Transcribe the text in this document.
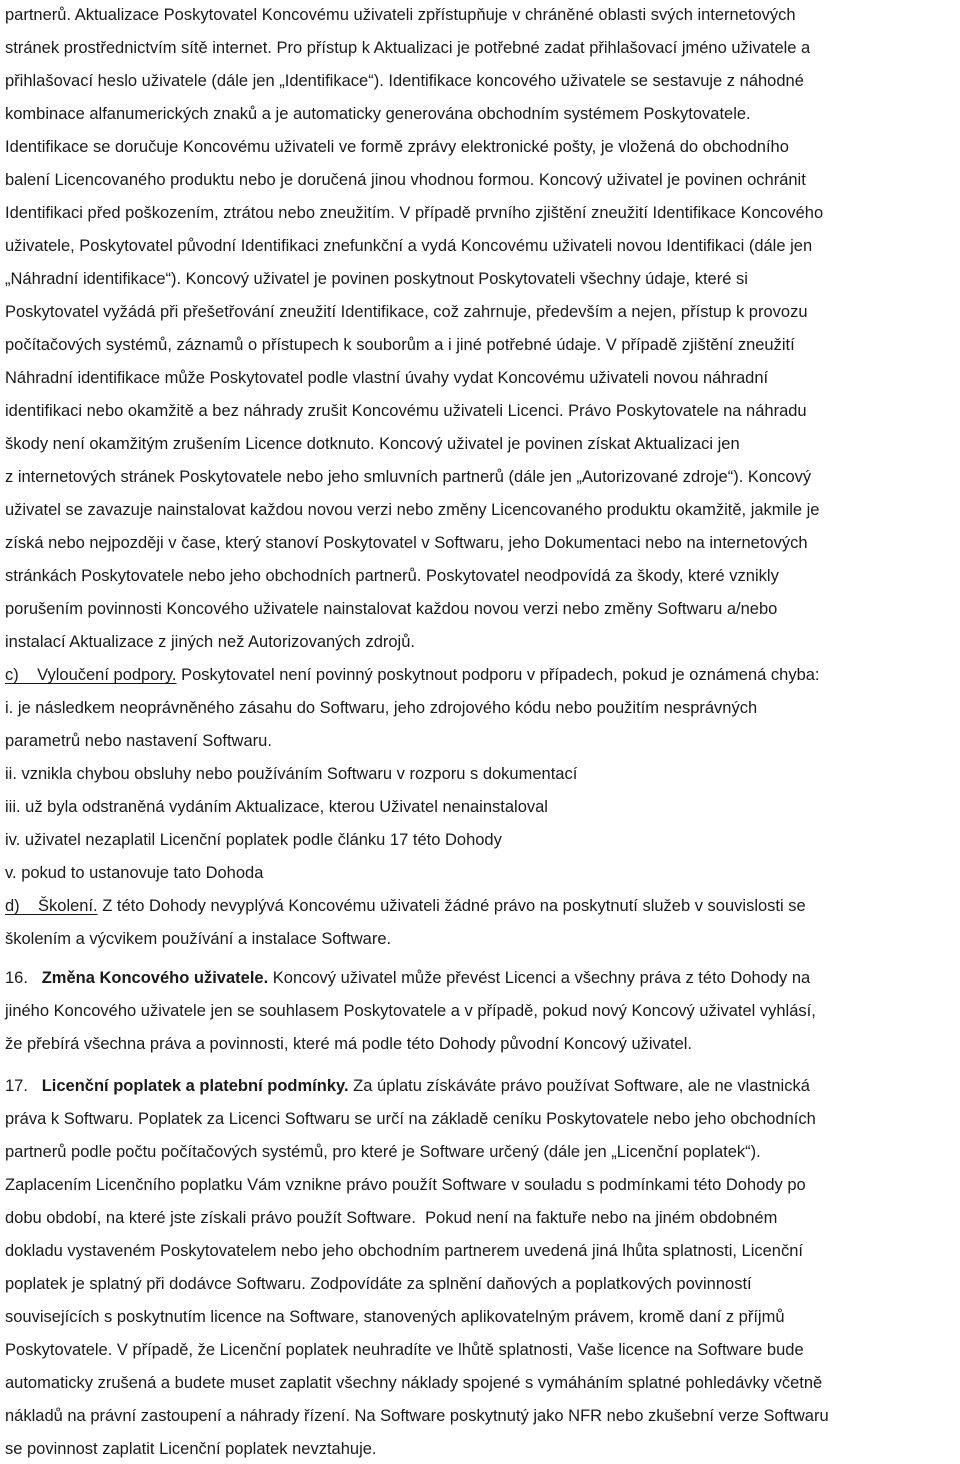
partnerů. Aktualizace Poskytovatel Koncovému uživateli zpřístupňuje v chráněné oblasti svých internetových
stránek prostřednictvím sítě internet. Pro přístup k Aktualizaci je potřebné zadat přihlašovací jméno uživatele a
přihlašovací heslo uživatele (dále jen „Identifikace“). Identifikace koncového uživatele se sestavuje z náhodné
kombinace alfanumerických znaků a je automaticky generována obchodním systémem Poskytovatele.
Identifikace se doručuje Koncovému uživateli ve formě zprávy elektronické pošty, je vložená do obchodního
balení Licencovaného produktu nebo je doručená jinou vhodnou formou. Koncový uživatel je povinen ochránit
Identifikaci před poškozením, ztrátou nebo zneužitím. V případě prvního zjištění zneužití Identifikace Koncového
uživatele, Poskytovatel původní Identifikaci znefunkční a vydá Koncovému uživateli novou Identifikaci (dále jen
„Náhradní identifikace“). Koncový uživatel je povinen poskytnout Poskytovateli všechny údaje, které si
Poskytovatel vyžádá při přešetřování zneužití Identifikace, což zahrnuje, především a nejen, přístup k provozu
počítačových systémů, záznamů o přístupech k souborům a i jiné potřebné údaje. V případě zjištění zneužití
Náhradní identifikace může Poskytovatel podle vlastní úvahy vydat Koncovému uživateli novou náhradní
identifikaci nebo okamžitě a bez náhrady zrušit Koncovému uživateli Licenci. Právo Poskytovatele na náhradu
škody není okamžitým zrušením Licence dotknuto. Koncový uživatel je povinen získat Aktualizaci jen
z internetových stránek Poskytovatele nebo jeho smluvních partnerů (dále jen „Autorizované zdroje“). Koncový
uživatel se zavazuje nainstalovat každou novou verzi nebo změny Licencovaného produktu okamžitě, jakmile je
získá nebo nejpozději v čase, který stanoví Poskytovatel v Softwaru, jeho Dokumentaci nebo na internetových
stránkách Poskytovatele nebo jeho obchodních partnerů. Poskytovatel neodpovídá za škody, které vznikly
porušením povinnosti Koncového uživatele nainstalovat každou novou verzi nebo změny Softwaru a/nebo
instalací Aktualizace z jiných než Autorizovaných zdrojů.
c)    Vyloučení podpory. Poskytovatel není povinný poskytnout podporu v případech, pokud je oznámená chyba:
i. je následkem neoprávněného zásahu do Softwaru, jeho zdrojového kódu nebo použitím nesprávných
parametrů nebo nastavení Softwaru.
ii. vznikla chybou obsluhy nebo používáním Softwaru v rozporu s dokumentací
iii. už byla odstraněná vydáním Aktualizace, kterou Uživatel nenainstaloval
iv. uživatel nezaplatil Licenční poplatek podle článku 17 této Dohody
v. pokud to ustanovuje tato Dohoda
d)    Školení. Z této Dohody nevyplývá Koncovému uživateli žádné právo na poskytnutí služeb v souvislosti se
školením a výcvikem používání a instalace Software.
16.   Změna Koncového uživatele. Koncový uživatel může převést Licenci a všechny práva z této Dohody na
jiného Koncového uživatele jen se souhlasem Poskytovatele a v případě, pokud nový Koncový uživatel vyhlásí,
že přebírá všechna práva a povinnosti, které má podle této Dohody původní Koncový uživatel.
17.   Licenční poplatek a platební podmínky. Za úplatu získáváte právo používat Software, ale ne vlastnická
práva k Softwaru. Poplatek za Licenci Softwaru se určí na základě ceníku Poskytovatele nebo jeho obchodních
partnerů podle počtu počítačových systémů, pro které je Software určený (dále jen „Licenční poplatek“).
Zaplacením Licenčního poplatku Vám vznikne právo použít Software v souladu s podmínkami této Dohody po
dobu období, na které jste získali právo použít Software.  Pokud není na faktuře nebo na jiném obdobném
dokladu vystaveném Poskytovatelem nebo jeho obchodním partnerem uvedená jiná lhůta splatnosti, Licenční
poplatek je splatný při dodávce Softwaru. Zodpovídáte za splnění daňových a poplatkových povinností
souvisejících s poskytnutím licence na Software, stanovených aplikovatelným právem, kromě daní z příjmů
Poskytovatele. V případě, že Licenční poplatek neuhradíte ve lhůtě splatnosti, Vaše licence na Software bude
automaticky zrušená a budete muset zaplatit všechny náklady spojené s vymáháním splatné pohledávky včetně
nákladů na právní zastoupení a náhrady řízení. Na Software poskytnutý jako NFR nebo zkušební verze Softwaru
se povinnost zaplatit Licenční poplatek nevztahuje.
